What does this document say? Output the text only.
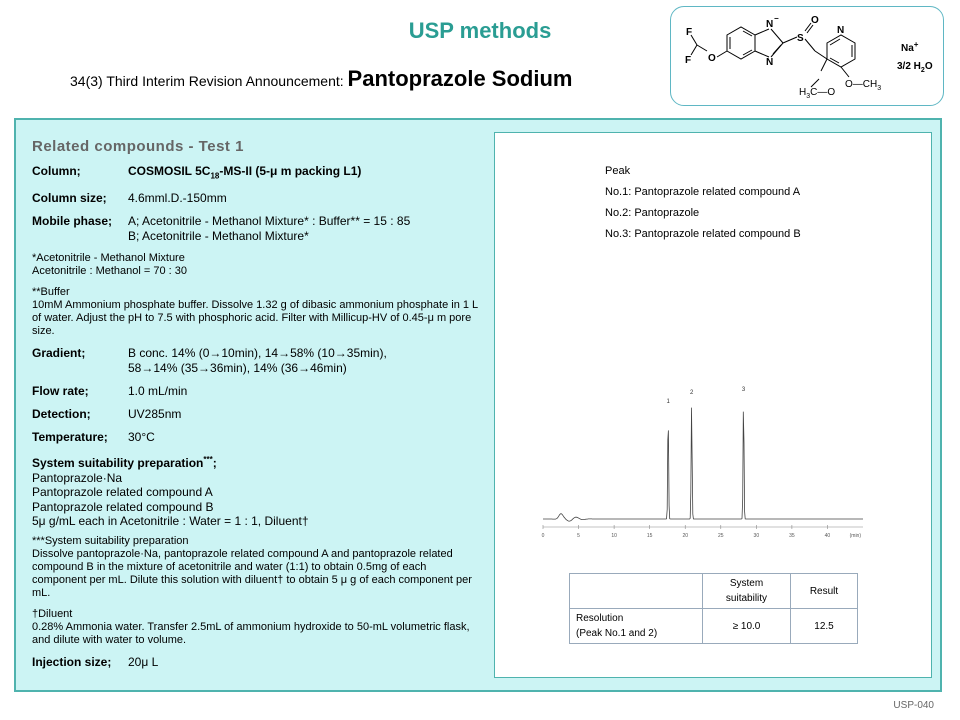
USP methods
34(3) Third Interim Revision Announcement: Pantoprazole Sodium
F
F O
N
−
N
S
O
N
Na+
3/2 $H_2O$
$H_3C—O$
$O—CH_3$
Related compounds - Test 1
Column;	COSMOSIL $5C_{18}-MS-II$ (5-μ m packing L1)
Column size;	4.6mml.D.-150mm
Mobile phase;	A; Acetonitrile - Methanol Mixture* : Buffer** = 15 : 85
B; Acetonitrile - Methanol Mixture*
*Acetonitrile - Methanol Mixture
Acetonitrile : Methanol = 70 : 30
**Buffer
10mM Ammonium phosphate buffer. Dissolve 1.32 g of dibasic ammonium phosphate in 1 L of water. Adjust the pH to 7.5 with phosphoric acid. Filter with Millicup-HV of 0.45-μ m pore size.
Gradient;	B conc. 14% (0→10min), 14→58% (10→35min),
58→14% (35→36min), 14% (36→46min)
Flow rate;	1.0 mL/min
Detection;	UV285nm
Temperature;	30°C
System suitability preparation***;
Pantoprazole·Na
Pantoprazole related compound A
Pantoprazole related compound B
5μ g/mL each in Acetonitrile : Water = 1 : 1, Diluent†
***System suitability preparation
Dissolve pantoprazole·Na, pantoprazole related compound A and pantoprazole related compound B in the mixture of acetonitrile and water (1:1) to obtain 0.5mg of each component per mL. Dilute this solution with diluent† to obtain 5 μ g of each component per mL.
†Diluent
0.28% Ammonia water. Transfer 2.5mL of ammonium hydroxide to 50-mL volumetric flask, and dilute with water to volume.
Injection size;	20μ L
Peak
No.1: Pantoprazole related compound A
No.2: Pantoprazole
No.3: Pantoprazole related compound B
0	5	10	15	20	25	30	35	40	(min)
1
2	3
	System suitability	Result

Resolution
(Peak No.1 and 2)	≥ 10.0	12.5
USP-040
